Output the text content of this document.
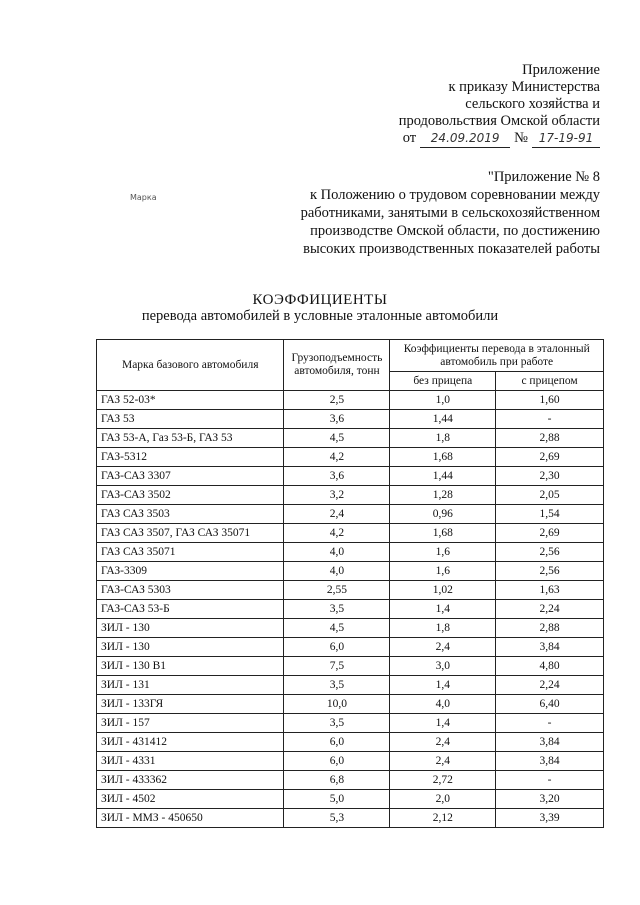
Приложение
к приказу Министерства
сельского хозяйства и
продовольствия Омской области
от	24.09.2019	№ 17-19-91
"Приложение № 8
к Положению о трудовом соревновании между
работниками, занятыми в сельскохозяйственном
производстве Омской области, по достижению
высоких производственных показателей работы
Марка
КОЭФФИЦИЕНТЫ
перевода автомобилей в условные эталонные автомобили
Марка базового автомобиля	Грузоподъемность автомобиля, тонн	Коэффициенты перевода в эталонный автомобиль при работе	
		без прицепа	с прицепом
ГАЗ 52-03*	2,5	1,0	1,60
ГАЗ 53	3,6	1,44	-
ГАЗ 53-А, Газ 53-Б, ГАЗ 53	4,5	1,8	2,88
ГАЗ-5312	4,2	1,68	2,69
ГАЗ-САЗ 3307	3,6	1,44	2,30
ГАЗ-САЗ 3502	3,2	1,28	2,05
ГАЗ САЗ 3503	2,4	0,96	1,54
ГАЗ САЗ 3507, ГАЗ САЗ 35071	4,2	1,68	2,69
ГАЗ САЗ 35071	4,0	1,6	2,56
ГАЗ-3309	4,0	1,6	2,56
ГАЗ-САЗ 5303	2,55	1,02	1,63
ГАЗ-САЗ 53-Б	3,5	1,4	2,24
ЗИЛ - 130	4,5	1,8	2,88
ЗИЛ - 130	6,0	2,4	3,84
ЗИЛ - 130 В1	7,5	3,0	4,80
ЗИЛ - 131	3,5	1,4	2,24
ЗИЛ - 133ГЯ	10,0	4,0	6,40
ЗИЛ - 157	3,5	1,4	-
ЗИЛ - 431412	6,0	2,4	3,84
ЗИЛ - 4331	6,0	2,4	3,84
ЗИЛ - 433362	6,8	2,72	-
ЗИЛ - 4502	5,0	2,0	3,20
ЗИЛ - ММЗ - 450650	5,3	2,12	3,39
